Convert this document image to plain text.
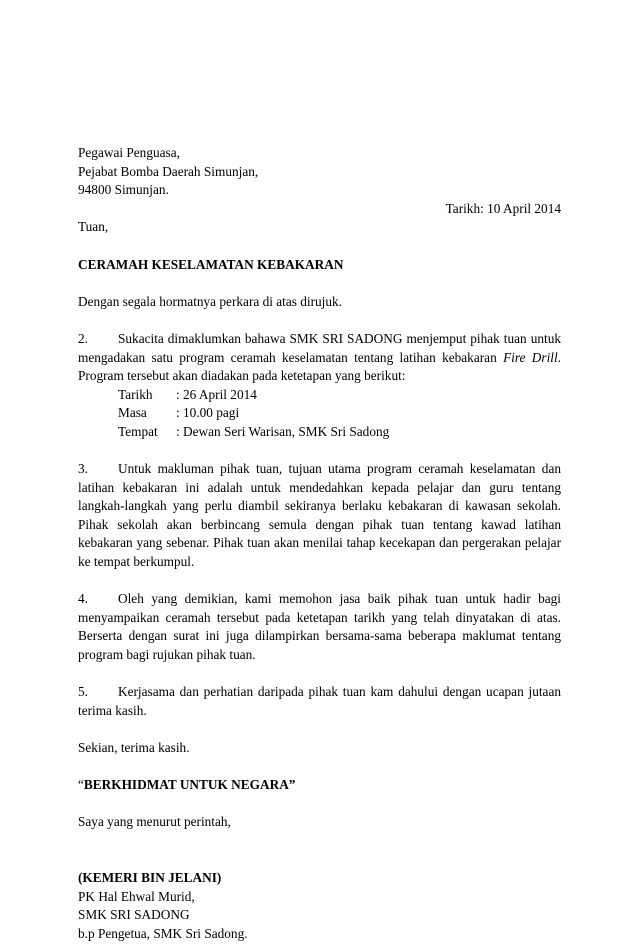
Pegawai Penguasa,
Pejabat Bomba Daerah Simunjan,
94800 Simunjan.
Tarikh: 10 April 2014
Tuan,
CERAMAH KESELAMATAN KEBAKARAN
Dengan segala hormatnya perkara di atas dirujuk.

2. Sukacita dimaklumkan bahawa SMK SRI SADONG menjemput pihak tuan untuk mengadakan satu program ceramah keselamatan tentang latihan kebakaran Fire Drill. Program tersebut akan diadakan pada ketetapan yang berikut:

Tarikh	: 26 April 2014
Masa	: 10.00 pagi
Tempat	: Dewan Seri Warisan, SMK Sri Sadong

3. Untuk makluman pihak tuan, tujuan utama program ceramah keselamatan dan latihan kebakaran ini adalah untuk mendedahkan kepada pelajar dan guru tentang langkah-langkah yang perlu diambil sekiranya berlaku kebakaran di kawasan sekolah. Pihak sekolah akan berbincang semula dengan pihak tuan tentang kawad latihan kebakaran yang sebenar. Pihak tuan akan menilai tahap kecekapan dan pergerakan pelajar ke tempat berkumpul.

4. Oleh yang demikian, kami memohon jasa baik pihak tuan untuk hadir bagi menyampaikan ceramah tersebut pada ketetapan tarikh yang telah dinyatakan di atas. Berserta dengan surat ini juga dilampirkan bersama-sama beberapa maklumat tentang program bagi rujukan pihak tuan.

5. Kerjasama dan perhatian daripada pihak tuan kam dahului dengan ucapan jutaan terima kasih.

Sekian, terima kasih.
“BERKHIDMAT UNTUK NEGARA”
Saya yang menurut perintah,
(KEMERI BIN JELANI)
PK Hal Ehwal Murid,
SMK SRI SADONG
b.p Pengetua, SMK Sri Sadong.
